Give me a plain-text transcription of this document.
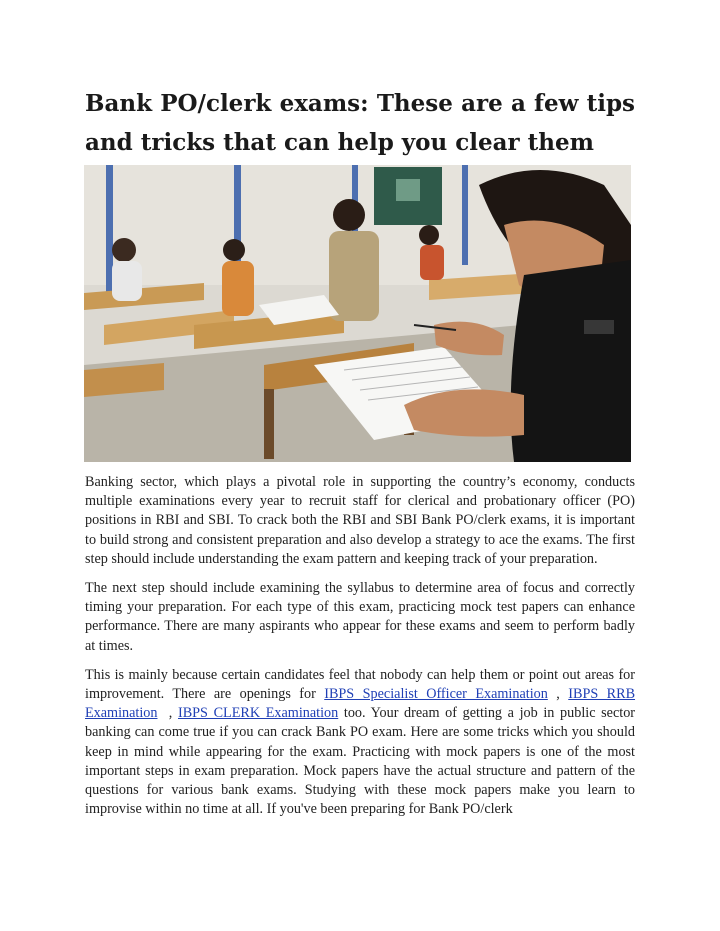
Bank PO/clerk exams: These are a few tips and tricks that can help you clear them

Banking sector, which plays a pivotal role in supporting the country’s economy, conducts multiple examinations every year to recruit staff for clerical and probationary officer (PO) positions in RBI and SBI. To crack both the RBI and SBI Bank PO/clerk exams, it is important to build strong and consistent preparation and also develop a strategy to ace the exams. The first step should include understanding the exam pattern and keeping track of your preparation.

The next step should include examining the syllabus to determine area of focus and correctly timing your preparation. For each type of this exam, practicing mock test papers can enhance performance. There are many aspirants who appear for these exams and seem to perform badly at times.

This is mainly because certain candidates feel that nobody can help them or point out areas for improvement. There are openings for IBPS Specialist Officer Examination , IBPS RRB Examination  , IBPS CLERK Examination too. Your dream of getting a job in public sector banking can come true if you can crack Bank PO exam. Here are some tricks which you should keep in mind while appearing for the exam. Practicing with mock papers is one of the most important steps in exam preparation. Mock papers have the actual structure and pattern of the questions for various bank exams. Studying with these mock papers make you learn to improvise within no time at all. If you've been preparing for Bank PO/clerk
